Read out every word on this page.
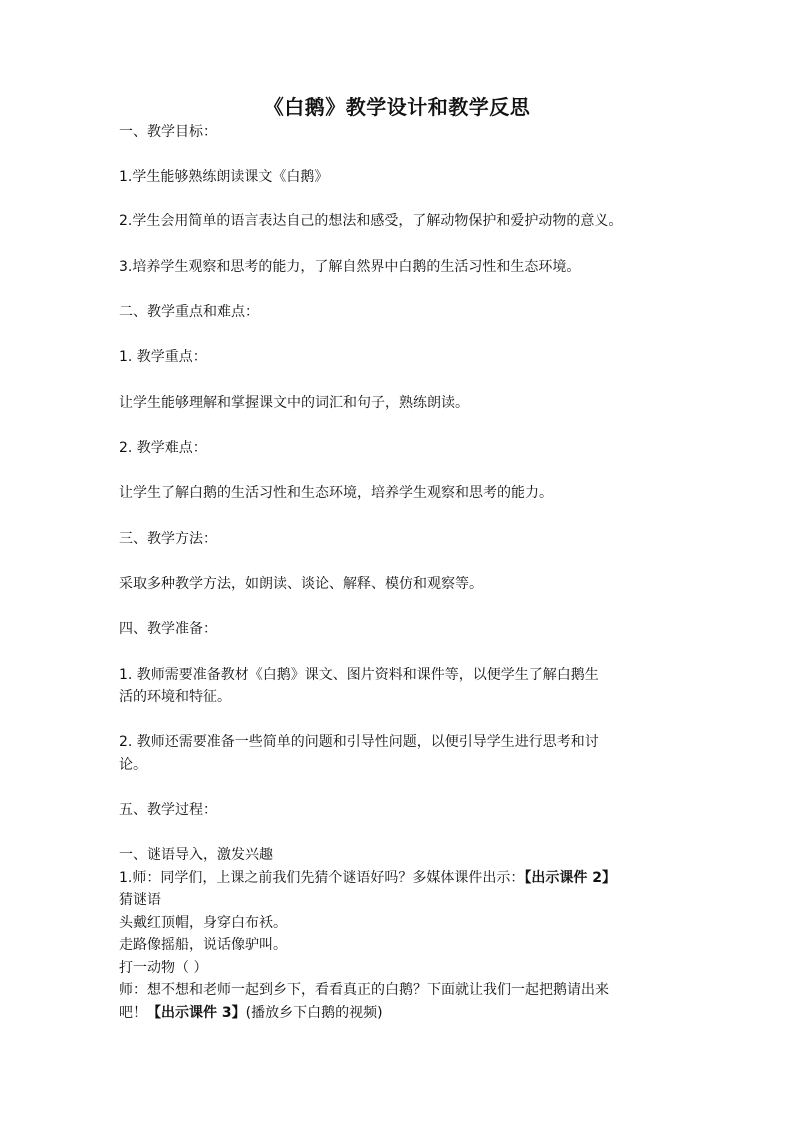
《白鹅》教学设计和教学反思
一、教学目标：
1.学生能够熟练朗读课文《白鹅》
2.学生会用简单的语言表达自己的想法和感受，了解动物保护和爱护动物的意义。
3.培养学生观察和思考的能力，了解自然界中白鹅的生活习性和生态环境。
二、教学重点和难点：
1. 教学重点：
让学生能够理解和掌握课文中的词汇和句子，熟练朗读。
2. 教学难点：
让学生了解白鹅的生活习性和生态环境，培养学生观察和思考的能力。
三、教学方法：
采取多种教学方法，如朗读、谈论、解释、模仿和观察等。
四、教学准备：
1. 教师需要准备教材《白鹅》课文、图片资料和课件等，以便学生了解白鹅生
活的环境和特征。
2. 教师还需要准备一些简单的问题和引导性问题，以便引导学生进行思考和讨
论。
五、教学过程：
一、谜语导入，激发兴趣
1.师：同学们，上课之前我们先猜个谜语好吗？多媒体课件出示：【出示课件 2】
猜谜语
头戴红顶帽，身穿白布袄。
走路像摇船，说话像驴叫。
打一动物（ ）
师：想不想和老师一起到乡下，看看真正的白鹅？下面就让我们一起把鹅请出来
吧！【出示课件 3】(播放乡下白鹅的视频)
